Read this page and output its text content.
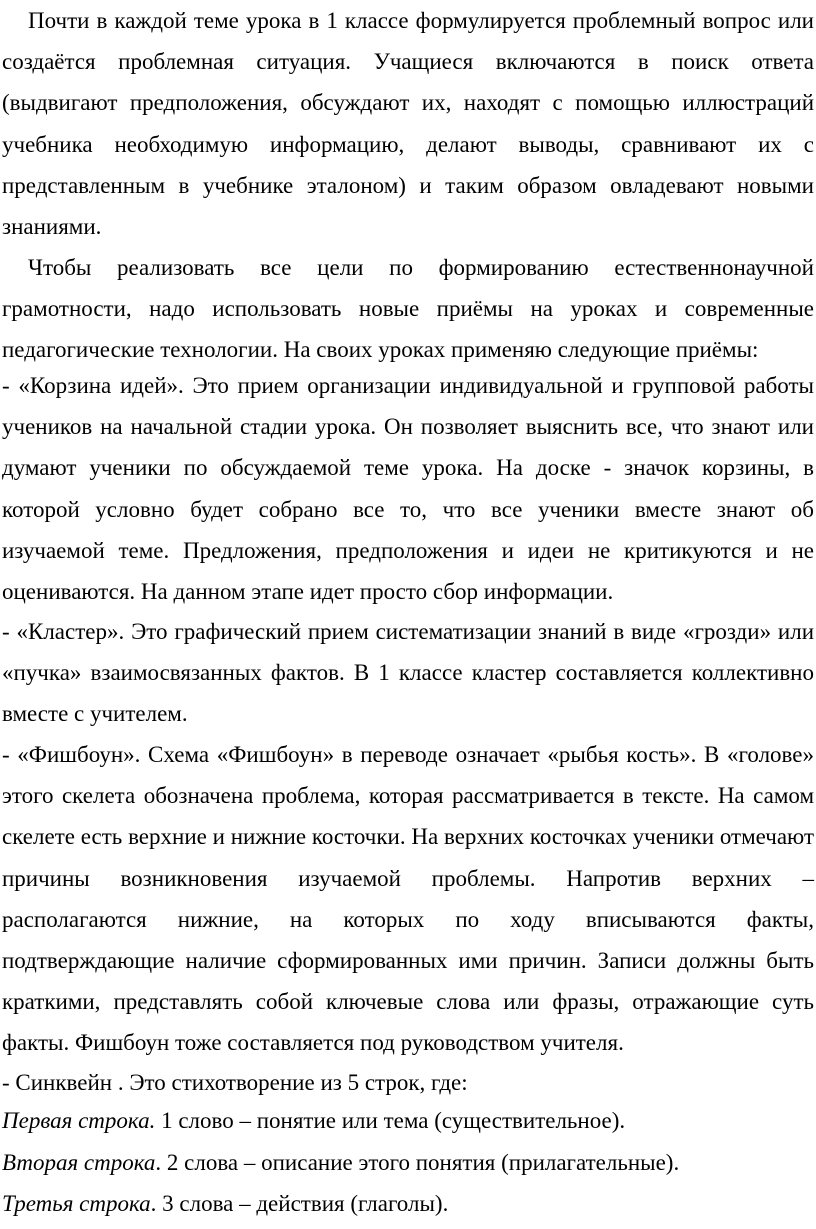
Почти в каждой теме урока в 1 классе формулируется проблемный вопрос или создаётся проблемная ситуация. Учащиеся включаются в поиск ответа (выдвигают предположения, обсуждают их, находят с помощью иллюстраций учебника необходимую информацию, делают выводы, сравнивают их с представленным в учебнике эталоном) и таким образом овладевают новыми знаниями.

Чтобы реализовать все цели по формированию естественнонаучной грамотности, надо использовать новые приёмы на уроках и современные педагогические технологии. На своих уроках применяю следующие приёмы:

- «Корзина идей». Это прием организации индивидуальной и групповой работы учеников на начальной стадии урока. Он позволяет выяснить все, что знают или думают ученики по обсуждаемой теме урока. На доске - значок корзины, в которой условно будет собрано все то, что все ученики вместе знают об изучаемой теме. Предложения, предположения и идеи не критикуются и не оцениваются. На данном этапе идет просто сбор информации.

- «Кластер». Это графический прием систематизации знаний в виде «грозди» или «пучка» взаимосвязанных фактов. В 1 классе кластер составляется коллективно вместе с учителем.

- «Фишбоун». Схема «Фишбоун» в переводе означает «рыбья кость». В «голове» этого скелета обозначена проблема, которая рассматривается в тексте. На самом скелете есть верхние и нижние косточки. На верхних косточках ученики отмечают причины возникновения изучаемой проблемы. Напротив верхних – располагаются нижние, на которых по ходу вписываются факты, подтверждающие наличие сформированных ими причин. Записи должны быть краткими, представлять собой ключевые слова или фразы, отражающие суть факты. Фишбоун тоже составляется под руководством учителя.

- Синквейн . Это стихотворение из 5 строк, где:

Первая строка. 1 слово – понятие или тема (существительное).

Вторая строка. 2 слова – описание этого понятия (прилагательные).

Третья строка. 3 слова – действия (глаголы).
